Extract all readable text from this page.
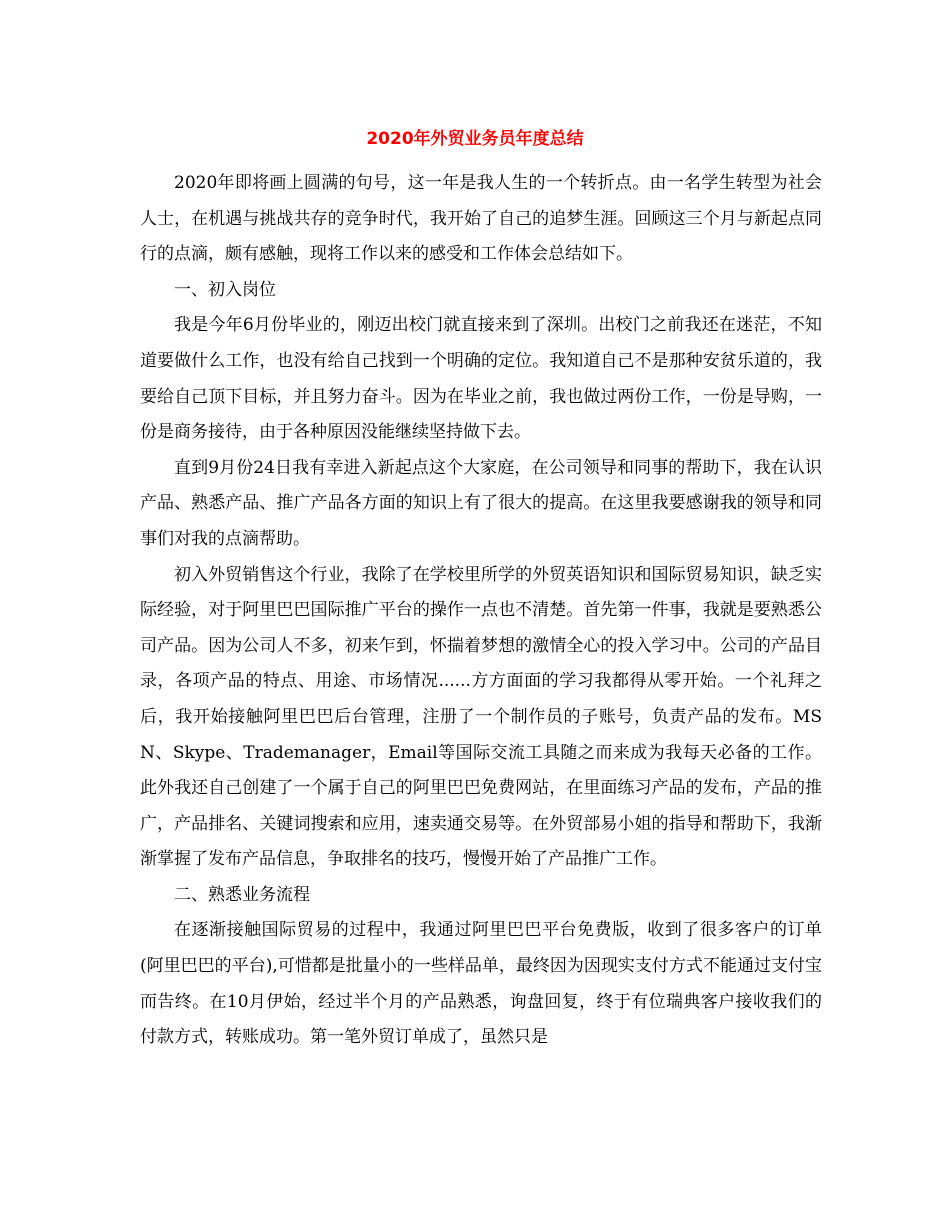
2020年外贸业务员年度总结

2020年即将画上圆满的句号，这一年是我人生的一个转折点。由一名学生转型为社会人士，在机遇与挑战共存的竞争时代，我开始了自己的追梦生涯。回顾这三个月与新起点同行的点滴，颇有感触，现将工作以来的感受和工作体会总结如下。

一、初入岗位

我是今年6月份毕业的，刚迈出校门就直接来到了深圳。出校门之前我还在迷茫，不知道要做什么工作，也没有给自己找到一个明确的定位。我知道自己不是那种安贫乐道的，我要给自己顶下目标，并且努力奋斗。因为在毕业之前，我也做过两份工作，一份是导购，一份是商务接待，由于各种原因没能继续坚持做下去。

直到9月份24日我有幸进入新起点这个大家庭，在公司领导和同事的帮助下，我在认识产品、熟悉产品、推广产品各方面的知识上有了很大的提高。在这里我要感谢我的领导和同事们对我的点滴帮助。

初入外贸销售这个行业，我除了在学校里所学的外贸英语知识和国际贸易知识，缺乏实际经验，对于阿里巴巴国际推广平台的操作一点也不清楚。首先第一件事，我就是要熟悉公司产品。因为公司人不多，初来乍到，怀揣着梦想的激情全心的投入学习中。公司的产品目录，各项产品的特点、用途、市场情况......方方面面的学习我都得从零开始。一个礼拜之后，我开始接触阿里巴巴后台管理，注册了一个制作员的子账号，负责产品的发布。MSN、Skype、Trademanager，Email等国际交流工具随之而来成为我每天必备的工作。此外我还自己创建了一个属于自己的阿里巴巴免费网站，在里面练习产品的发布，产品的推广，产品排名、关键词搜索和应用，速卖通交易等。在外贸部易小姐的指导和帮助下，我渐渐掌握了发布产品信息，争取排名的技巧，慢慢开始了产品推广工作。

二、熟悉业务流程

在逐渐接触国际贸易的过程中，我通过阿里巴巴平台免费版，收到了很多客户的订单(阿里巴巴的平台),可惜都是批量小的一些样品单，最终因为因现实支付方式不能通过支付宝而告终。在10月伊始，经过半个月的产品熟悉，询盘回复，终于有位瑞典客户接收我们的付款方式，转账成功。第一笔外贸订单成了，虽然只是
